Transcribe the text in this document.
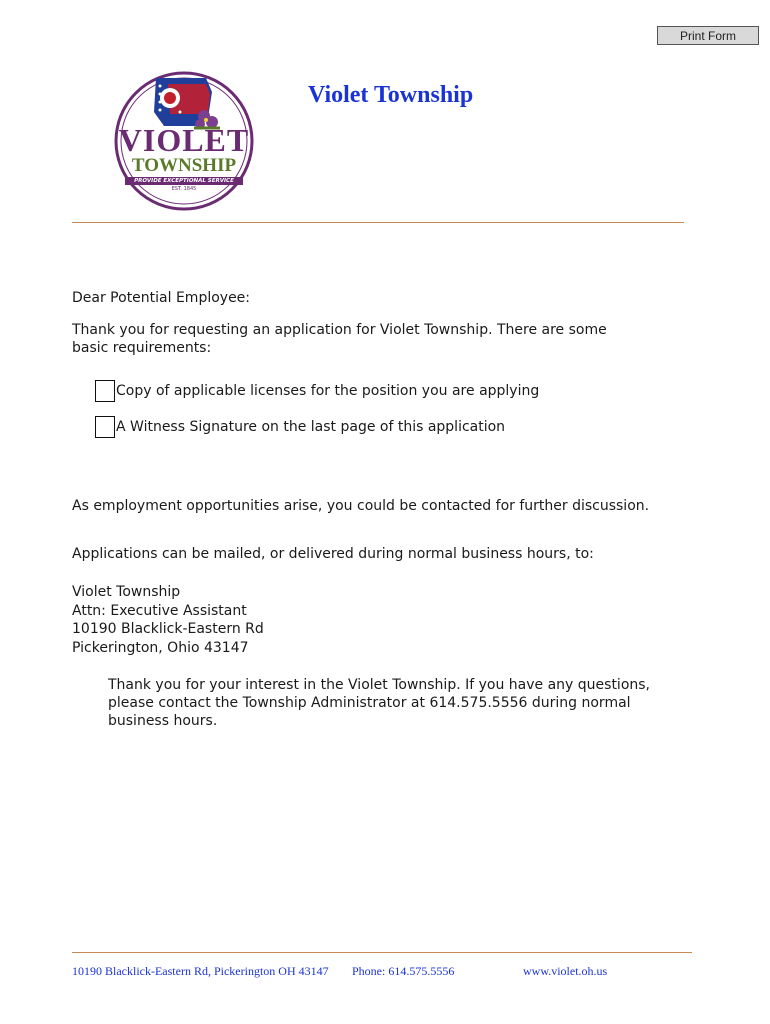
Print Form
VIOLET
TOWNSHIP
PROVIDE EXCEPTIONAL SERVICE
EST. 1845
Violet Township
Dear Potential Employee:
Thank you for requesting an application for Violet Township. There are some basic requirements:
Copy of applicable licenses for the position you are applying
A Witness Signature on the last page of this application
As employment opportunities arise, you could be contacted for further discussion.
Applications can be mailed, or delivered during normal business hours, to:
Violet Township
Attn: Executive Assistant
10190 Blacklick-Eastern Rd
Pickerington, Ohio 43147
Thank you for your interest in the Violet Township. If you have any questions, please contact the Township Administrator at 614.575.5556 during normal business hours.
10190 Blacklick-Eastern Rd, Pickerington OH 43147 Phone: 614.575.5556	www.violet.oh.us
